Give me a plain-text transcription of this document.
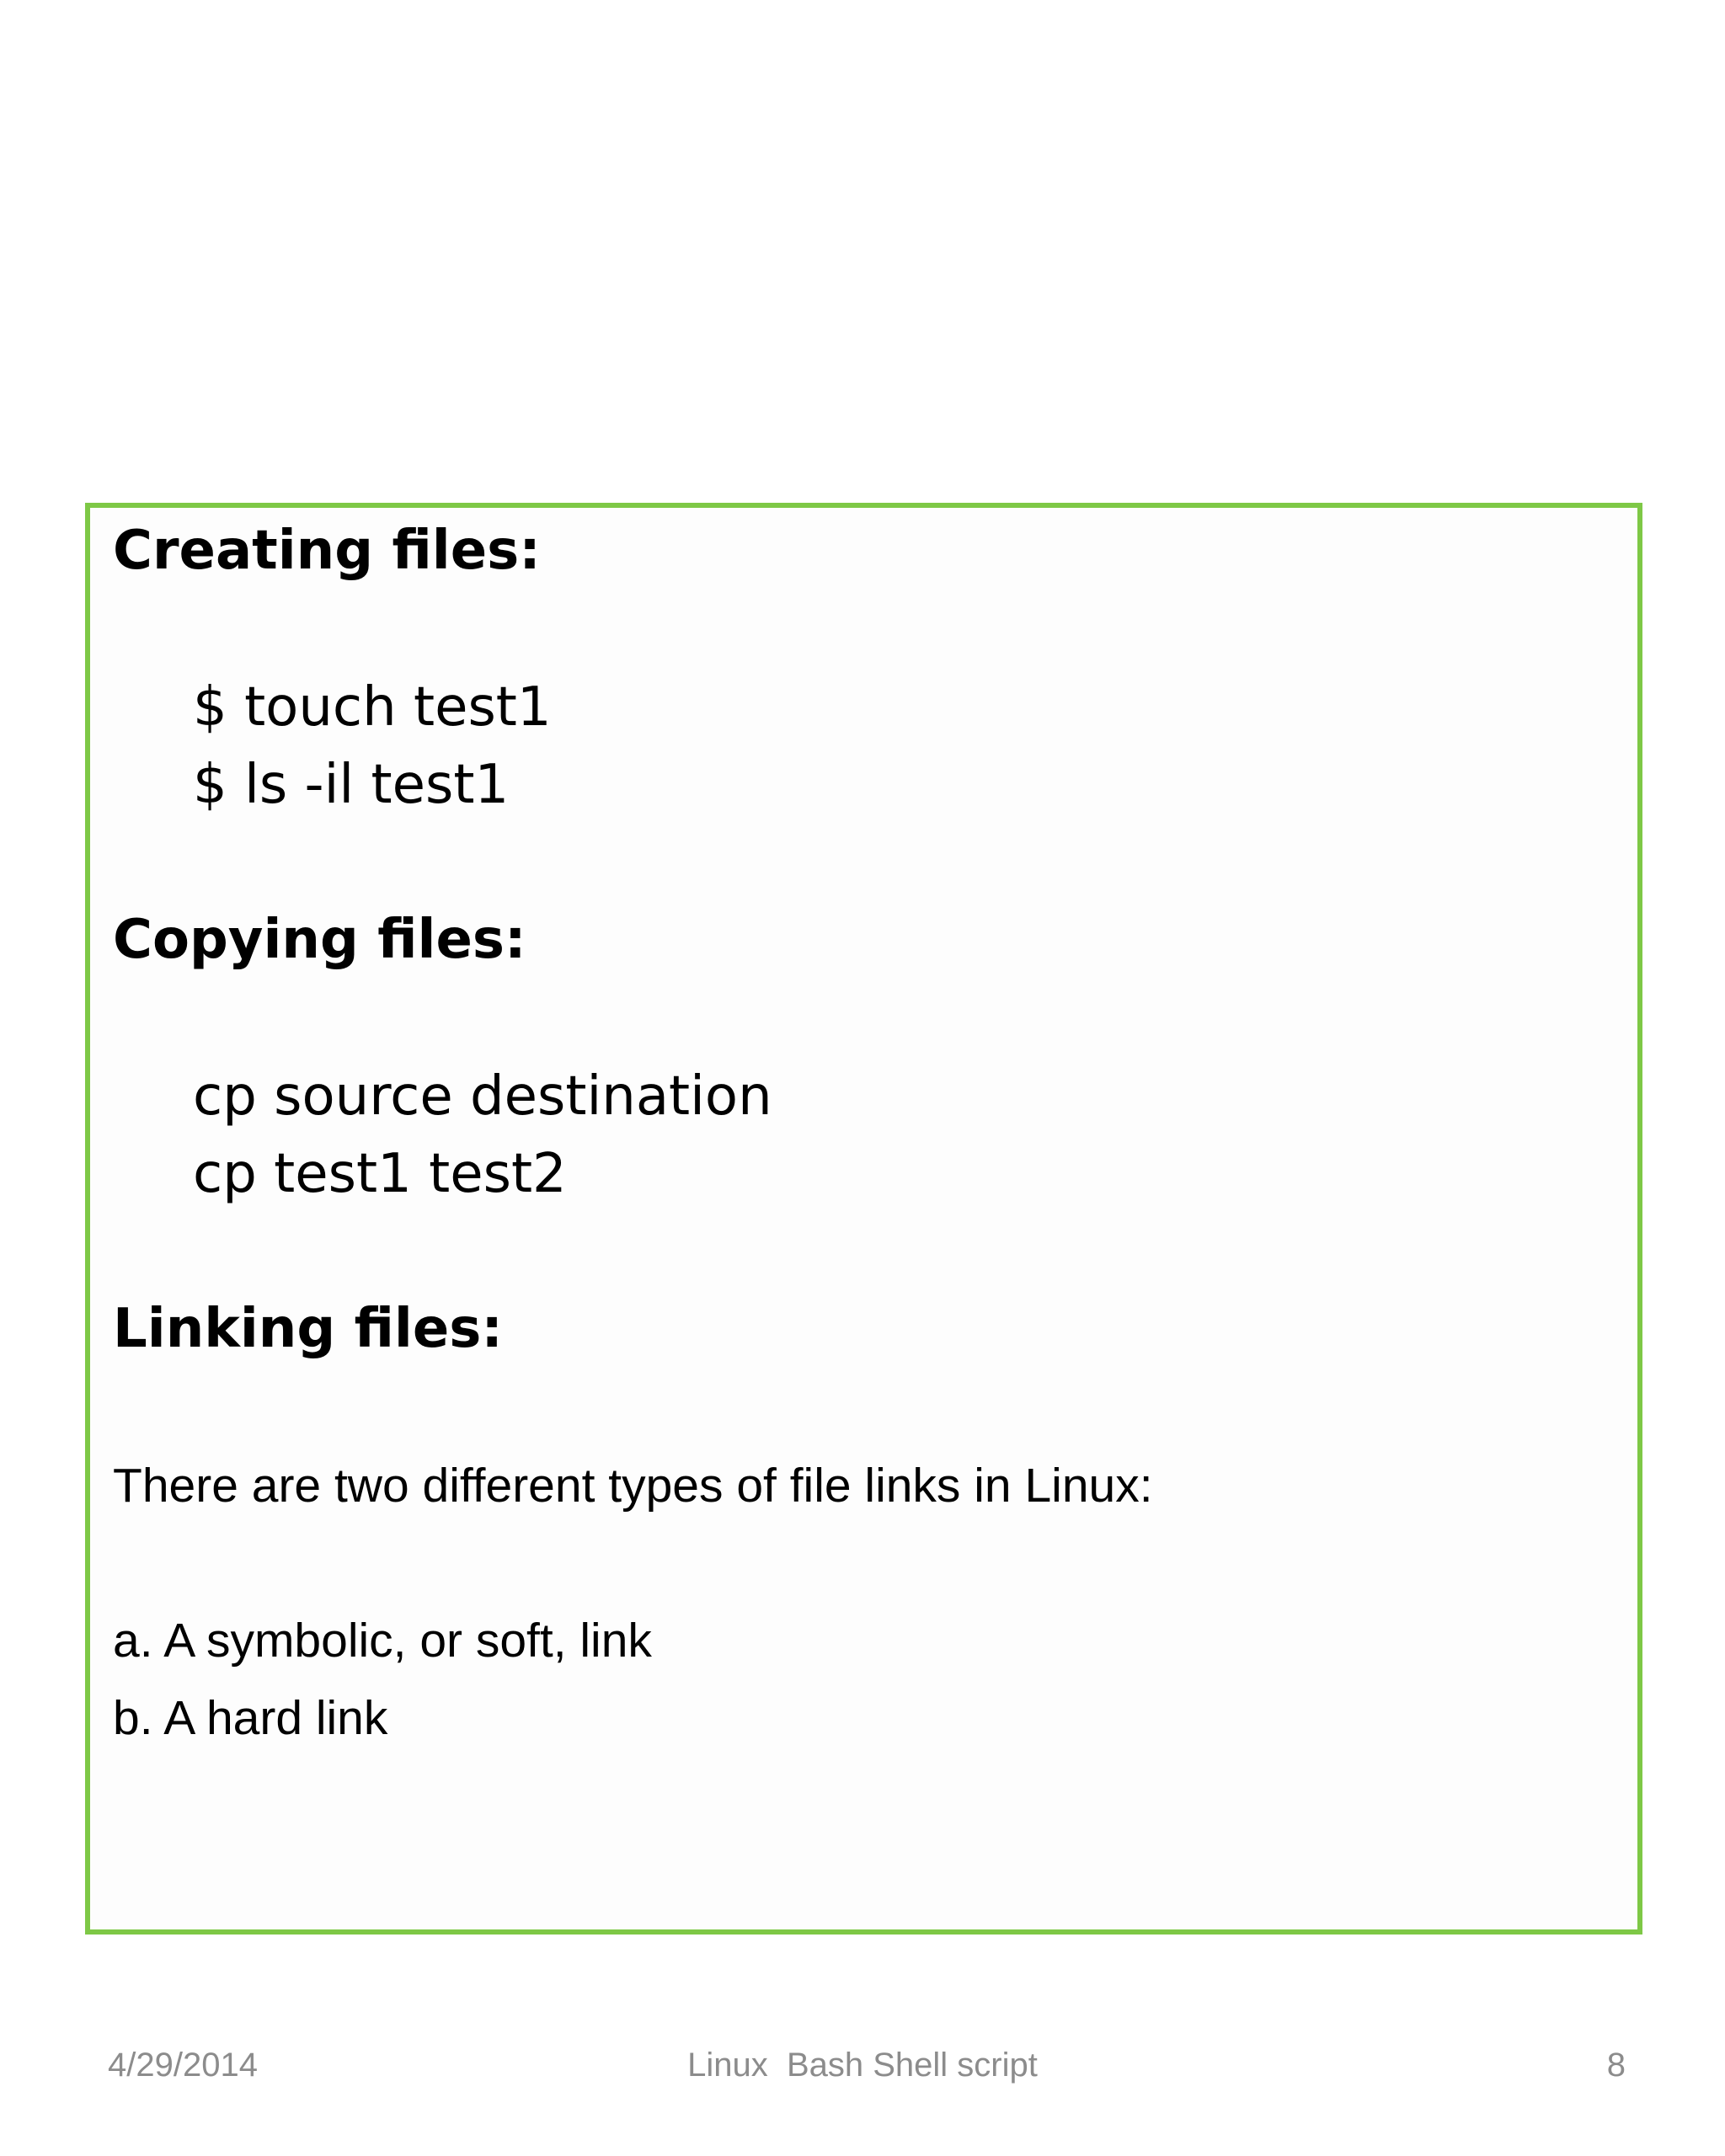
Creating files:

$ touch test1

$ ls -il test1

Copying files:

cp source destination

cp test1 test2

Linking files:

There are two different types of file links in Linux:

a. A symbolic, or soft, link

b. A hard link

4/29/2014	Linux  Bash Shell script	8
